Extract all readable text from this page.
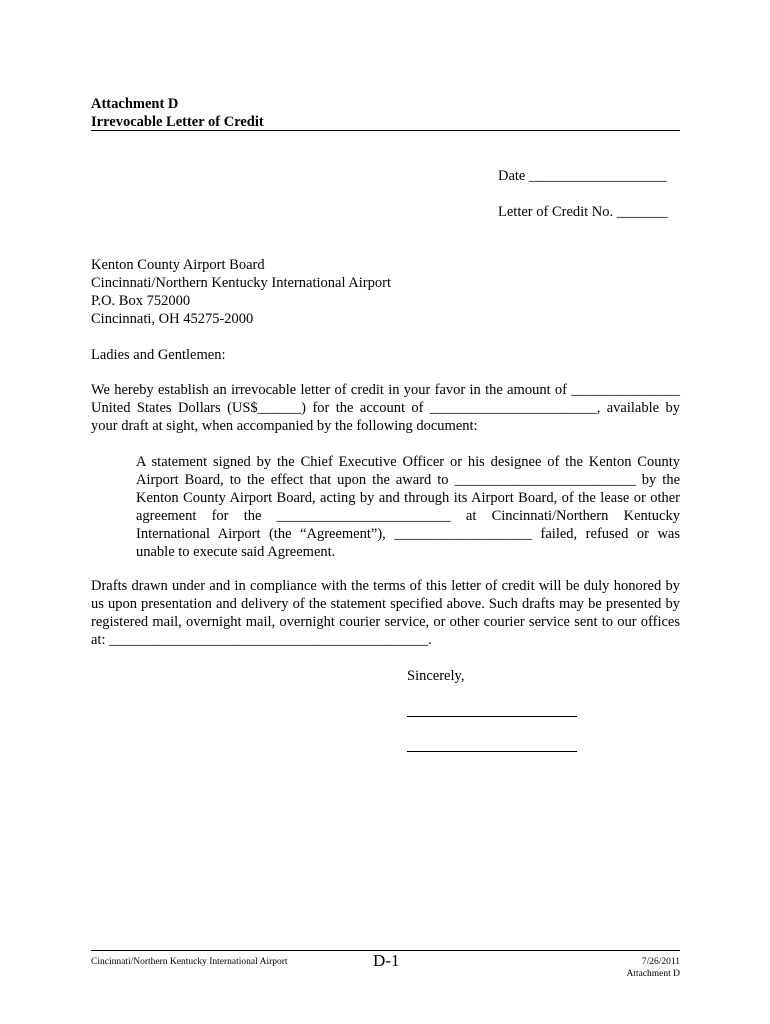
Attachment D
Irrevocable Letter of Credit
Date ___________________
Letter of Credit No. _______
Kenton County Airport Board
Cincinnati/Northern Kentucky International Airport
P.O. Box 752000
Cincinnati, OH 45275-2000
Ladies and Gentlemen:
We hereby establish an irrevocable letter of credit in your favor in the amount of _______________
United States Dollars (US$______) for the account of _______________________, available by
your draft at sight, when accompanied by the following document:
A statement signed by the Chief Executive Officer or his designee of the Kenton County
Airport Board, to the effect that upon the award to _________________________ by the
Kenton County Airport Board, acting by and through its Airport Board, of the lease or other
agreement for the ________________________ at Cincinnati/Northern Kentucky
International Airport (the “Agreement”), ___________________ failed, refused or was
unable to execute said Agreement.
Drafts drawn under and in compliance with the terms of this letter of credit will be duly honored by
us upon presentation and delivery of the statement specified above. Such drafts may be presented by
registered mail, overnight mail, overnight courier service, or other courier service sent to our offices
at: ____________________________________________.
Sincerely,
Cincinnati/Northern Kentucky International Airport	D-1	7/26/2011
Attachment D
